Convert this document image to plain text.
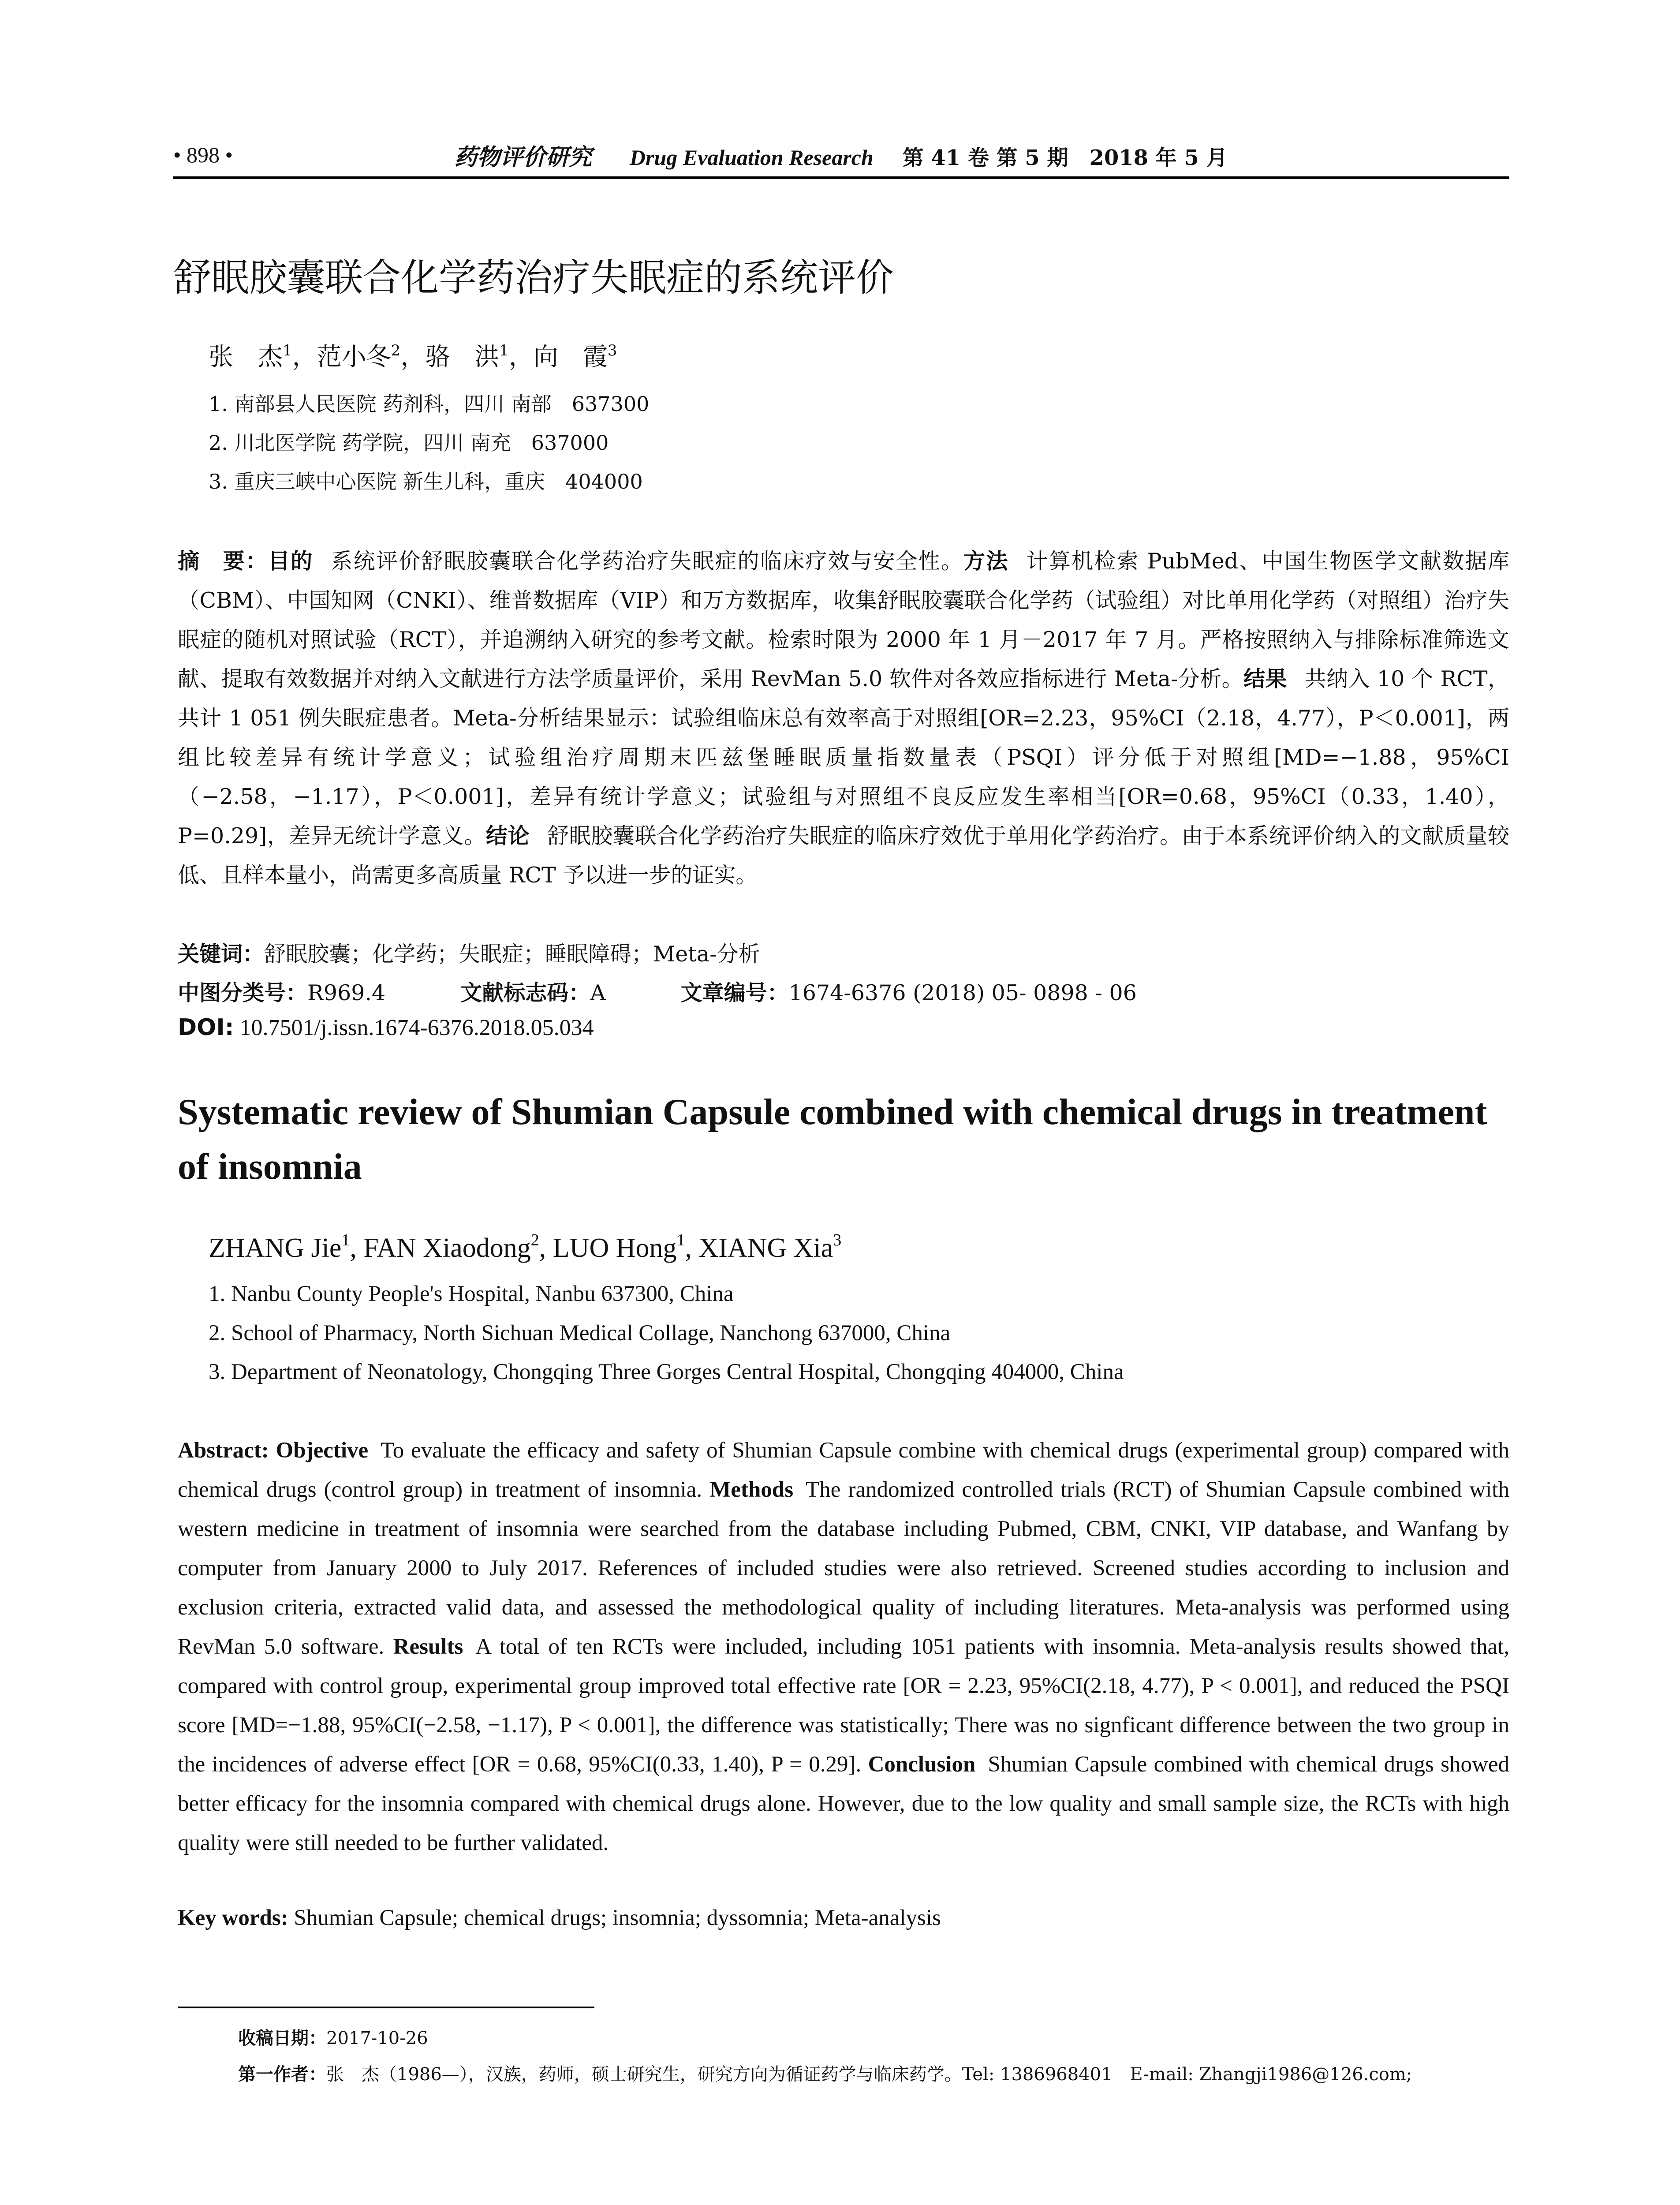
• 898 •	药物评价研究 Drug Evaluation Research 第 41 卷 第 5 期　2018 年 5 月
舒眠胶囊联合化学药治疗失眠症的系统评价
张　杰$^1$，范小冬$^2$，骆　洪$^1$，向　霞$^3$
1. 南部县人民医院 药剂科，四川 南部　637300
2. 川北医学院 药学院，四川 南充　637000
3. 重庆三峡中心医院 新生儿科，重庆　404000
摘　要：目的 系统评价舒眠胶囊联合化学药治疗失眠症的临床疗效与安全性。方法 计算机检索 PubMed、中国生物医学文献数据库（CBM）、中国知网（CNKI）、维普数据库（VIP）和万方数据库，收集舒眠胶囊联合化学药（试验组）对比单用化学药（对照组）治疗失眠症的随机对照试验（RCT），并追溯纳入研究的参考文献。检索时限为 2000 年 1 月－2017 年 7 月。严格按照纳入与排除标准筛选文献、提取有效数据并对纳入文献进行方法学质量评价，采用 RevMan 5.0 软件对各效应指标进行 Meta-分析。结果 共纳入 10 个 RCT，共计 1 051 例失眠症患者。Meta-分析结果显示：试验组临床总有效率高于对照组[OR=2.23，95%CI（2.18，4.77），P＜0.001]，两组比较差异有统计学意义；试验组治疗周期末匹兹堡睡眠质量指数量表（PSQI）评分低于对照组[MD=−1.88，95%CI（−2.58，−1.17），P＜0.001]，差异有统计学意义；试验组与对照组不良反应发生率相当[OR=0.68，95%CI（0.33，1.40），P=0.29]，差异无统计学意义。结论 舒眠胶囊联合化学药治疗失眠症的临床疗效优于单用化学药治疗。由于本系统评价纳入的文献质量较低、且样本量小，尚需更多高质量 RCT 予以进一步的证实。
关键词：舒眠胶囊；化学药；失眠症；睡眠障碍；Meta-分析
中图分类号：R969.4	文献标志码：A	文章编号：1674-6376 (2018) 05- 0898 - 06
DOI: 10.7501/j.issn.1674-6376.2018.05.034
Systematic review of Shumian Capsule combined with chemical drugs in treatment of insomnia
ZHANG Jie$^1$, FAN Xiaodong$^2$, LUO Hong$^1$, XIANG Xia$^3$
1. Nanbu County People's Hospital, Nanbu 637300, China
2. School of Pharmacy, North Sichuan Medical Collage, Nanchong 637000, China
3. Department of Neonatology, Chongqing Three Gorges Central Hospital, Chongqing 404000, China
Abstract: Objective To evaluate the efficacy and safety of Shumian Capsule combine with chemical drugs (experimental group) compared with chemical drugs (control group) in treatment of insomnia. Methods The randomized controlled trials (RCT) of Shumian Capsule combined with western medicine in treatment of insomnia were searched from the database including Pubmed, CBM, CNKI, VIP database, and Wanfang by computer from January 2000 to July 2017. References of included studies were also retrieved. Screened studies according to inclusion and exclusion criteria, extracted valid data, and assessed the methodological quality of including literatures. Meta-analysis was performed using RevMan 5.0 software. Results A total of ten RCTs were included, including 1051 patients with insomnia. Meta-analysis results showed that, compared with control group, experimental group improved total effective rate [OR = 2.23, 95%CI(2.18, 4.77), P < 0.001], and reduced the PSQI score [MD=−1.88, 95%CI(−2.58, −1.17), P < 0.001], the difference was statistically; There was no signficant difference between the two group in the incidences of adverse effect [OR = 0.68, 95%CI(0.33, 1.40), P = 0.29]. Conclusion Shumian Capsule combined with chemical drugs showed better efficacy for the insomnia compared with chemical drugs alone. However, due to the low quality and small sample size, the RCTs with high quality were still needed to be further validated.
Key words: Shumian Capsule; chemical drugs; insomnia; dyssomnia; Meta-analysis
收稿日期：2017-10-26
第一作者：张　杰（1986—），汉族，药师，硕士研究生，研究方向为循证药学与临床药学。Tel: 1386968401　E-mail: Zhangji1986@126.com;
